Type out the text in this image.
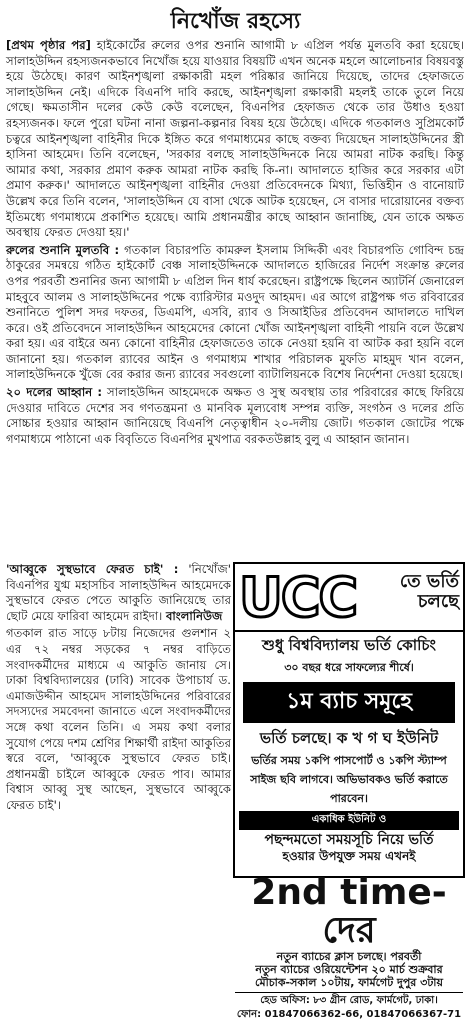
নিখোঁজ রহস্যে

[প্রথম পৃষ্ঠার পর] হাইকোর্টের রুলের ওপর শুনানি আগামী ৮ এপ্রিল পর্যন্ত মুলতবি করা হয়েছে। সালাহউদ্দিন রহস্যজনকভাবে নিখোঁজ হয়ে যাওয়ার বিষয়টি এখন অনেক মহলে আলোচনার বিষয়বস্তু হয়ে উঠেছে। কারণ আইনশৃঙ্খলা রক্ষাকারী মহল পরিষ্কার জানিয়ে দিয়েছে, তাদের হেফাজতে সালাহউদ্দিন নেই। এদিকে বিএনপি দাবি করছে, আইনশৃঙ্খলা রক্ষাকারী মহলই তাকে তুলে নিয়ে গেছে। ক্ষমতাসীন দলের কেউ কেউ বলেছেন, বিএনপির হেফাজত থেকে তার উধাও হওয়া রহস্যজনক। ফলে পুরো ঘটনা নানা জল্পনা-কল্পনার বিষয় হয়ে উঠেছে। এদিকে গতকালও সুপ্রিমকোর্ট চত্বরে আইনশৃঙ্খলা বাহিনীর দিকে ইঙ্গিত করে গণমাধ্যমের কাছে বক্তব্য দিয়েছেন সালাহউদ্দিনের স্ত্রী হাসিনা আহমেদ। তিনি বলেছেন, 'সরকার বলছে সালাহউদ্দিনকে নিয়ে আমরা নাটক করছি। কিন্তু আমার কথা, সরকার প্রমাণ করুক আমরা নাটক করছি কি-না। আদালতে হাজির করে সরকার এটা প্রমাণ করুক।' আদালতে আইনশৃঙ্খলা বাহিনীর দেওয়া প্রতিবেদনকে মিথ্যা, ভিত্তিহীন ও বানোয়াট উল্লেখ করে তিনি বলেন, 'সালাহউদ্দিন যে বাসা থেকে আটক হয়েছেন, সে বাসার দারোয়ানের বক্তব্য ইতিমধ্যে গণমাধ্যমে প্রকাশিত হয়েছে। আমি প্রধানমন্ত্রীর কাছে আহ্বান জানাচ্ছি, যেন তাকে অক্ষত অবস্থায় ফেরত দেওয়া হয়।'

রুলের শুনানি মুলতবি : গতকাল বিচারপতি কামরুল ইসলাম সিদ্দিকী এবং বিচারপতি গোবিন্দ চন্দ্র ঠাকুরের সমন্বয়ে গঠিত হাইকোর্ট বেঞ্চ সালাহউদ্দিনকে আদালতে হাজিরের নির্দেশ সংক্রান্ত রুলের ওপর পরবর্তী শুনানির জন্য আগামী ৮ এপ্রিল দিন ধার্য করেছেন। রাষ্ট্রপক্ষে ছিলেন অ্যাটর্নি জেনারেল মাহবুবে আলম ও সালাহউদ্দিনের পক্ষে ব্যারিস্টার মওদুদ আহমদ। এর আগে রাষ্ট্রপক্ষ গত রবিবারের শুনানিতে পুলিশ সদর দফতর, ডিএমপি, এসবি, র‍্যাব ও সিআইডির প্রতিবেদন আদালতে দাখিল করে। ওই প্রতিবেদনে সালাহউদ্দিন আহমেদের কোনো খোঁজ আইনশৃঙ্খলা বাহিনী পায়নি বলে উল্লেখ করা হয়। এর বাইরে অন্য কোনো বাহিনীর হেফাজতেও তাকে নেওয়া হয়নি বা আটক করা হয়নি বলে জানানো হয়। গতকাল র‍্যাবের আইন ও গণমাধ্যম শাখার পরিচালক মুফতি মাহমুদ খান বলেন, সালাহউদ্দিনকে খুঁজে বের করার জন্য র‍্যাবের সবগুলো ব্যাটালিয়নকে বিশেষ নির্দেশনা দেওয়া হয়েছে।

২০ দলের আহ্বান : সালাহউদ্দিন আহমেদকে অক্ষত ও সুস্থ অবস্থায় তার পরিবারের কাছে ফিরিয়ে দেওয়ার দাবিতে দেশের সব গণতন্ত্রমনা ও মানবিক মূল্যবোধ সম্পন্ন ব্যক্তি, সংগঠন ও দলের প্রতি সোচ্চার হওয়ার আহ্বান জানিয়েছে বিএনপি নেতৃত্বাধীন ২০-দলীয় জোট। গতকাল জোটের পক্ষে গণমাধ্যমে পাঠানো এক বিবৃতিতে বিএনপির মুখপাত্র বরকতউল্লাহ বুলু এ আহ্বান জানান।

'আব্বুকে সুস্থভাবে ফেরত চাই' : 'নিখোঁজ' বিএনপির যুগ্ম মহাসচিব সালাহউদ্দিন আহমেদকে সুস্থভাবে ফেরত পেতে আকুতি জানিয়েছে তার ছোট মেয়ে ফারিবা আহমেদ রাইদা। বাংলানিউজ

গতকাল রাত সাড়ে ৮টায় নিজেদের গুলশান ২ এর ৭২ নম্বর সড়কের ৭ নম্বর বাড়িতে সংবাদকর্মীদের মাধ্যমে এ আকুতি জানায় সে। ঢাকা বিশ্ববিদ্যালয়ের (ঢাবি) সাবেক উপাচার্য ড. এমাজউদ্দীন আহমেদ সালাহউদ্দিনের পরিবারের সদস্যদের সমবেদনা জানাতে এলে সংবাদকর্মীদের সঙ্গে কথা বলেন তিনি। এ সময় কথা বলার সুযোগ পেয়ে দশম শ্রেণির শিক্ষার্থী রাইদা আকুতির স্বরে বলে, 'আব্বুকে সুস্থভাবে ফেরত চাই। প্রধানমন্ত্রী চাইলে আব্বুকে ফেরত পাব। আমার বিশ্বাস আব্বু সুস্থ আছেন, সুস্থভাবে আব্বুকে ফেরত চাই'।

UCC	তে ভর্তি চলছে
শুধু বিশ্ববিদ্যালয় ভর্তি কোচিং
৩০ বছর ধরে সাফল্যের শীর্ষে।
১ম ব্যাচ সমূহে
ভর্তি চলছে। ক খ গ ঘ ইউনিট
ভর্তির সময় ১কপি পাসপোর্ট ও ১কপি স্ট্যাম্প
সাইজ ছবি লাগবে। অভিভাবকও ভর্তি করাতে পারবেন।
একাধিক ইউনিট ও
পছন্দমতো সময়সূচি নিয়ে ভর্তি
হওয়ার উপযুক্ত সময় এখনই
2nd time-দের
নতুন ব্যাচের ক্লাস চলছে। পরবর্তী
নতুন ব্যাচের ওরিয়েন্টেশন ২০ মার্চ শুক্রবার
মৌচাক-সকাল ১০টায়, ফার্মগেট দুপুর ৩টায়
হেড অফিস: ৮৩ গ্রীন রোড, ফার্মগেট, ঢাকা।
ফোন: 01847066362-66, 01847066367-71
